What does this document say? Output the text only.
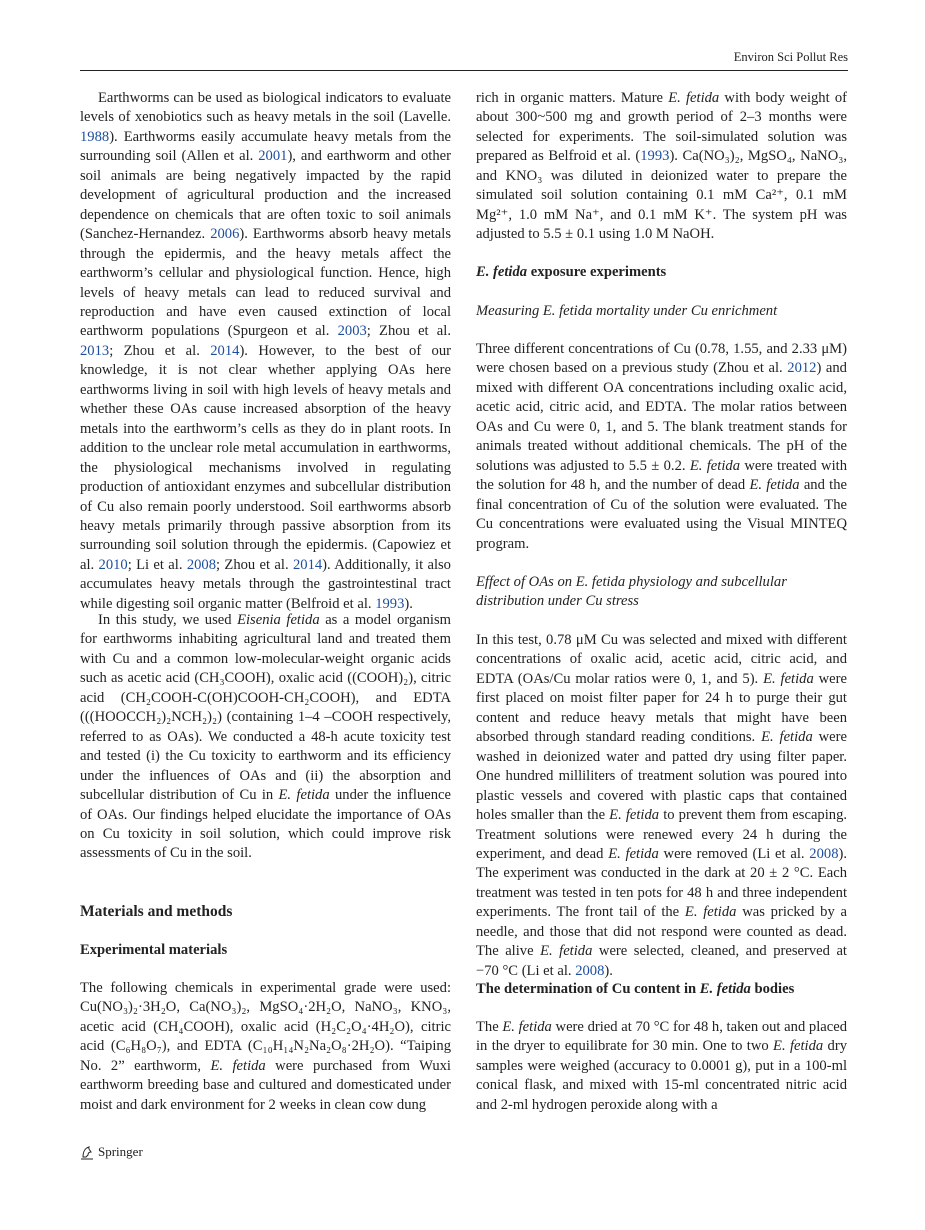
Environ Sci Pollut Res

Earthworms can be used as biological indicators to evaluate levels of xenobiotics such as heavy metals in the soil (Lavelle. 1988). Earthworms easily accumulate heavy metals from the surrounding soil (Allen et al. 2001), and earthworm and other soil animals are being negatively impacted by the rapid development of agricultural production and the increased dependence on chemicals that are often toxic to soil animals (Sanchez-Hernandez. 2006). Earthworms absorb heavy metals through the epidermis, and the heavy metals affect the earthworm’s cellular and physiological function. Hence, high levels of heavy metals can lead to reduced survival and reproduction and have even caused extinction of local earthworm populations (Spurgeon et al. 2003; Zhou et al. 2013; Zhou et al. 2014). However, to the best of our knowledge, it is not clear whether applying OAs here earthworms living in soil with high levels of heavy metals and whether these OAs cause increased absorption of the heavy metals into the earthworm’s cells as they do in plant roots. In addition to the unclear role metal accumulation in earthworms, the physiological mechanisms involved in regulating production of antioxidant enzymes and subcellular distribution of Cu also remain poorly understood. Soil earthworms absorb heavy metals primarily through passive absorption from its surrounding soil solution through the epidermis. (Capowiez et al. 2010; Li et al. 2008; Zhou et al. 2014). Additionally, it also accumulates heavy metals through the gastrointestinal tract while digesting soil organic matter (Belfroid et al. 1993).

In this study, we used Eisenia fetida as a model organism for earthworms inhabiting agricultural land and treated them with Cu and a common low-molecular-weight organic acids such as acetic acid (CH₃COOH), oxalic acid ((COOH)₂), citric acid (CH₂COOH-C(OH)COOH-CH₂COOH), and EDTA (((HOOCCH₂)₂NCH₂)₂) (containing 1–4 –COOH respectively, referred to as OAs). We conducted a 48-h acute toxicity test and tested (i) the Cu toxicity to earthworm and its efficiency under the influences of OAs and (ii) the absorption and subcellular distribution of Cu in E. fetida under the influence of OAs. Our findings helped elucidate the importance of OAs on Cu toxicity in soil solution, which could improve risk assessments of Cu in the soil.

Materials and methods
Experimental materials

The following chemicals in experimental grade were used: Cu(NO₃)₂·3H₂O, Ca(NO₃)₂, MgSO₄·2H₂O, NaNO₃, KNO₃, acetic acid (CH₄COOH), oxalic acid (H₂C₂O₄·4H₂O), citric acid (C₆H₈O₇), and EDTA (C₁₀H₁₄N₂Na₂O₈·2H₂O). “Taiping No. 2” earthworm, E. fetida were purchased from Wuxi earthworm breeding base and cultured and domesticated under moist and dark environment for 2 weeks in clean cow dung

rich in organic matters. Mature E. fetida with body weight of about 300~500 mg and growth period of 2–3 months were selected for experiments. The soil-simulated solution was prepared as Belfroid et al. (1993). Ca(NO₃)₂, MgSO₄, NaNO₃, and KNO₃ was diluted in deionized water to prepare the simulated soil solution containing 0.1 mM Ca²⁺, 0.1 mM Mg²⁺, 1.0 mM Na⁺, and 0.1 mM K⁺. The system pH was adjusted to 5.5 ± 0.1 using 1.0 M NaOH.

E. fetida exposure experiments

Measuring E. fetida mortality under Cu enrichment

Three different concentrations of Cu (0.78, 1.55, and 2.33 μM) were chosen based on a previous study (Zhou et al. 2012) and mixed with different OA concentrations including oxalic acid, acetic acid, citric acid, and EDTA. The molar ratios between OAs and Cu were 0, 1, and 5. The blank treatment stands for animals treated without additional chemicals. The pH of the solutions was adjusted to 5.5 ± 0.2. E. fetida were treated with the solution for 48 h, and the number of dead E. fetida and the final concentration of Cu of the solution were evaluated. The Cu concentrations were evaluated using the Visual MINTEQ program.

Effect of OAs on E. fetida physiology and subcellular distribution under Cu stress

In this test, 0.78 μM Cu was selected and mixed with different concentrations of oxalic acid, acetic acid, citric acid, and EDTA (OAs/Cu molar ratios were 0, 1, and 5). E. fetida were first placed on moist filter paper for 24 h to purge their gut content and reduce heavy metals that might have been absorbed through standard reading conditions. E. fetida were washed in deionized water and patted dry using filter paper. One hundred milliliters of treatment solution was poured into plastic vessels and covered with plastic caps that contained holes smaller than the E. fetida to prevent them from escaping. Treatment solutions were renewed every 24 h during the experiment, and dead E. fetida were removed (Li et al. 2008). The experiment was conducted in the dark at 20 ± 2 °C. Each treatment was tested in ten pots for 48 h and three independent experiments. The front tail of the E. fetida was pricked by a needle, and those that did not respond were counted as dead. The alive E. fetida were selected, cleaned, and preserved at −70 °C (Li et al. 2008).

The determination of Cu content in E. fetida bodies

The E. fetida were dried at 70 °C for 48 h, taken out and placed in the dryer to equilibrate for 30 min. One to two E. fetida dry samples were weighed (accuracy to 0.0001 g), put in a 100-ml conical flask, and mixed with 15-ml concentrated nitric acid and 2-ml hydrogen peroxide along with a

Springer
